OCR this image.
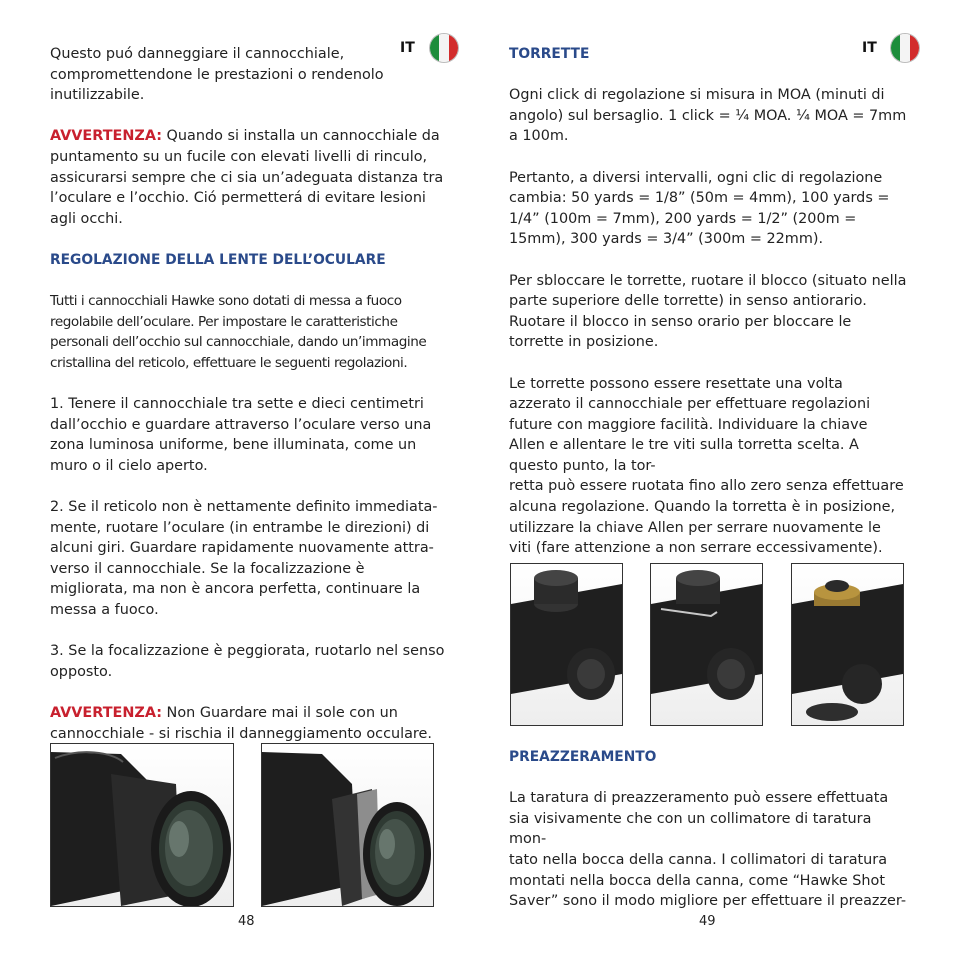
IT

Questo puó danneggiare il cannocchiale, compromettendone le prestazioni o rendenolo inutilizzabile.

AVVERTENZA: Quando si installa un cannocchiale da puntamento su un fucile con elevati livelli di rinculo, assicurarsi sempre che ci sia un’adeguata distanza tra l’oculare e l’occhio. Ció permetterá di evitare lesioni agli occhi.

REGOLAZIONE DELLA LENTE DELL’OCULARE

Tutti i cannocchiali Hawke sono dotati di messa a fuoco regolabile dell’oculare. Per impostare le caratteristiche personali dell’occhio sul cannocchiale, dando un’immagine cristallina del reticolo, effettuare le seguenti regolazioni.

1. Tenere il cannocchiale tra sette e dieci centimetri dall’occhio e guardare attraverso l’oculare verso una zona luminosa uniforme, bene illuminata, come un muro o il cielo aperto.

2. Se il reticolo non è nettamente definito immediata-
mente, ruotare l’oculare (in entrambe le direzioni) di alcuni giri. Guardare rapidamente nuovamente attra-
verso il cannocchiale. Se la focalizzazione è migliorata, ma non è ancora perfetta, continuare la messa a fuoco.

3. Se la focalizzazione è peggiorata, ruotarlo nel senso opposto.

AVVERTENZA: Non Guardare mai il sole con un cannocchiale - si rischia il danneggiamento occulare.

48
IT

TORRETTE

Ogni click di regolazione si misura in MOA (minuti di angolo) sul bersaglio. 1 click = ¼ MOA. ¼ MOA = 7mm a 100m.

Pertanto, a diversi intervalli, ogni clic di regolazione cambia: 50 yards = 1/8” (50m = 4mm), 100 yards = 1/4” (100m = 7mm), 200 yards = 1/2” (200m = 15mm), 300 yards = 3/4” (300m = 22mm).

Per sbloccare le torrette, ruotare il blocco (situato nella parte superiore delle torrette) in senso antiorario. Ruotare il blocco in senso orario per bloccare le torrette in posizione.

Le torrette possono essere resettate una volta azzerato il cannocchiale per effettuare regolazioni future con maggiore facilità. Individuare la chiave Allen e allentare le tre viti sulla torretta scelta. A questo punto, la tor-
retta può essere ruotata fino allo zero senza effettuare alcuna regolazione. Quando la torretta è in posizione, utilizzare la chiave Allen per serrare nuovamente le viti (fare attenzione a non serrare eccessivamente).

PREAZZERAMENTO

La taratura di preazzeramento può essere effettuata sia visivamente che con un collimatore di taratura mon-
tato nella bocca della canna. I collimatori di taratura montati nella bocca della canna, come “Hawke Shot Saver” sono il modo migliore per effettuare il preazzer-

49
